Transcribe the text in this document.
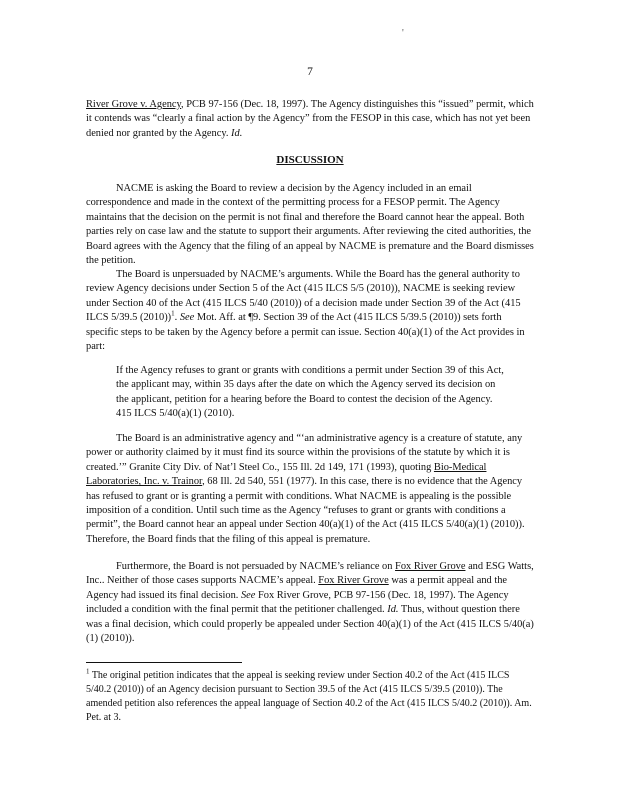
'
7

River Grove v. Agency, PCB 97-156 (Dec. 18, 1997). The Agency distinguishes this “issued” permit, which it contends was “clearly a final action by the Agency” from the FESOP in this case, which has not yet been denied nor granted by the Agency. Id.

DISCUSSION

NACME is asking the Board to review a decision by the Agency included in an email correspondence and made in the context of the permitting process for a FESOP permit. The Agency maintains that the decision on the permit is not final and therefore the Board cannot hear the appeal. Both parties rely on case law and the statute to support their arguments. After reviewing the cited authorities, the Board agrees with the Agency that the filing of an appeal by NACME is premature and the Board dismisses the petition.

The Board is unpersuaded by NACME’s arguments. While the Board has the general authority to review Agency decisions under Section 5 of the Act (415 ILCS 5/5 (2010)), NACME is seeking review under Section 40 of the Act (415 ILCS 5/40 (2010)) of a decision made under Section 39 of the Act (415 ILCS 5/39.5 (2010))$^1$. See Mot. Aff. at ¶9. Section 39 of the Act (415 ILCS 5/39.5 (2010)) sets forth specific steps to be taken by the Agency before a permit can issue. Section 40(a)(1) of the Act provides in part:

If the Agency refuses to grant or grants with conditions a permit under Section 39 of this Act, the applicant may, within 35 days after the date on which the Agency served its decision on the applicant, petition for a hearing before the Board to contest the decision of the Agency. 415 ILCS 5/40(a)(1) (2010).

The Board is an administrative agency and “‘an administrative agency is a creature of statute, any power or authority claimed by it must find its source within the provisions of the statute by which it is created.’” Granite City Div. of Nat’l Steel Co., 155 Ill. 2d 149, 171 (1993), quoting Bio-Medical Laboratories, Inc. v. Trainor, 68 Ill. 2d 540, 551 (1977). In this case, there is no evidence that the Agency has refused to grant or is granting a permit with conditions. What NACME is appealing is the possible imposition of a condition. Until such time as the Agency “refuses to grant or grants with conditions a permit”, the Board cannot hear an appeal under Section 40(a)(1) of the Act (415 ILCS 5/40(a)(1) (2010)). Therefore, the Board finds that the filing of this appeal is premature.

Furthermore, the Board is not persuaded by NACME’s reliance on Fox River Grove and ESG Watts, Inc.. Neither of those cases supports NACME’s appeal. Fox River Grove was a permit appeal and the Agency had issued its final decision. See Fox River Grove, PCB 97-156 (Dec. 18, 1997). The Agency included a condition with the final permit that the petitioner challenged. Id. Thus, without question there was a final decision, which could properly be appealed under Section 40(a)(1) of the Act (415 ILCS 5/40(a)(1) (2010)).

$^1$ The original petition indicates that the appeal is seeking review under Section 40.2 of the Act (415 ILCS 5/40.2 (2010)) of an Agency decision pursuant to Section 39.5 of the Act (415 ILCS 5/39.5 (2010)). The amended petition also references the appeal language of Section 40.2 of the Act (415 ILCS 5/40.2 (2010)). Am. Pet. at 3.
